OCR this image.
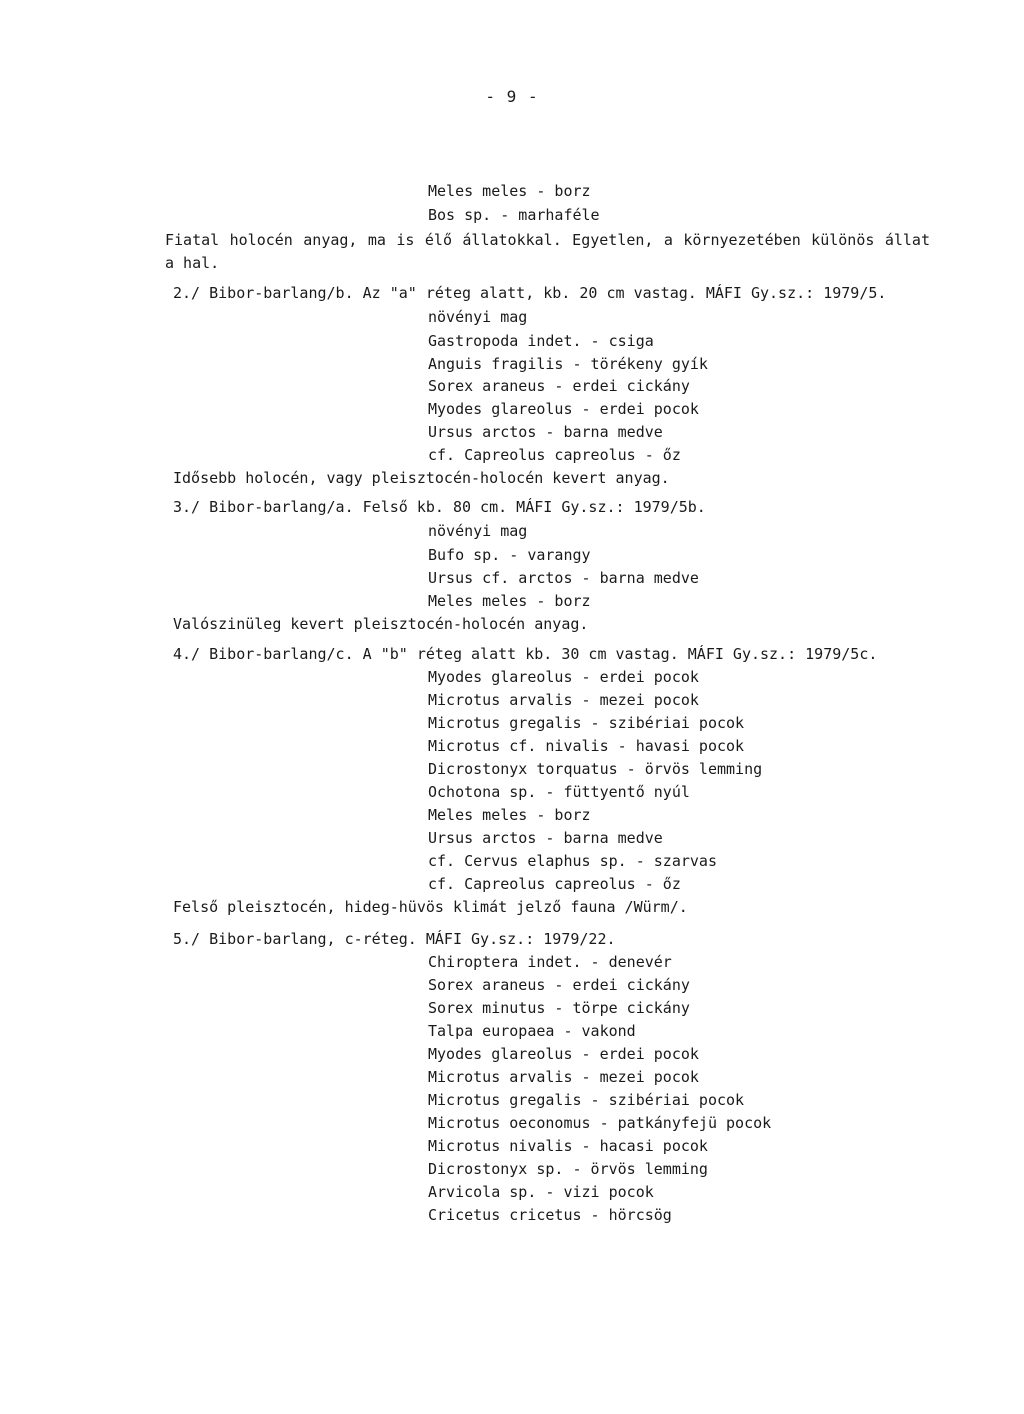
- 9 -
Meles meles - borz
Bos sp. - marhaféle
Fiatal holocén anyag, ma is élő állatokkal. Egyetlen, a környezetében különös állat a hal.
2./ Bibor-barlang/b. Az "a" réteg alatt, kb. 20 cm vastag. MÁFI Gy.sz.: 1979/5.
növényi mag
Gastropoda indet. - csiga
Anguis fragilis - törékeny gyík
Sorex araneus - erdei cickány
Myodes glareolus - erdei pocok
Ursus arctos - barna medve
cf. Capreolus capreolus - őz
Idősebb holocén, vagy pleisztocén-holocén kevert anyag.
3./ Bibor-barlang/a. Felső kb. 80 cm. MÁFI Gy.sz.: 1979/5b.
növényi mag
Bufo sp. - varangy
Ursus cf. arctos - barna medve
Meles meles - borz
Valószinüleg kevert pleisztocén-holocén anyag.
4./ Bibor-barlang/c. A "b" réteg alatt kb. 30 cm vastag. MÁFI Gy.sz.: 1979/5c.
Myodes glareolus - erdei pocok
Microtus arvalis - mezei pocok
Microtus gregalis - szibériai pocok
Microtus cf. nivalis - havasi pocok
Dicrostonyx torquatus - örvös lemming
Ochotona sp. - füttyentő nyúl
Meles meles - borz
Ursus arctos - barna medve
cf. Cervus elaphus sp. - szarvas
cf. Capreolus capreolus - őz
Felső pleisztocén, hideg-hüvös klimát jelző fauna /Würm/.
5./ Bibor-barlang, c-réteg. MÁFI Gy.sz.: 1979/22.
Chiroptera indet. - denevér
Sorex araneus - erdei cickány
Sorex minutus - törpe cickány
Talpa europaea - vakond
Myodes glareolus - erdei pocok
Microtus arvalis - mezei pocok
Microtus gregalis - szibériai pocok
Microtus oeconomus - patkányfejü pocok
Microtus nivalis - hacasi pocok
Dicrostonyx sp. - örvös lemming
Arvicola sp. - vizi pocok
Cricetus cricetus - hörcsög
